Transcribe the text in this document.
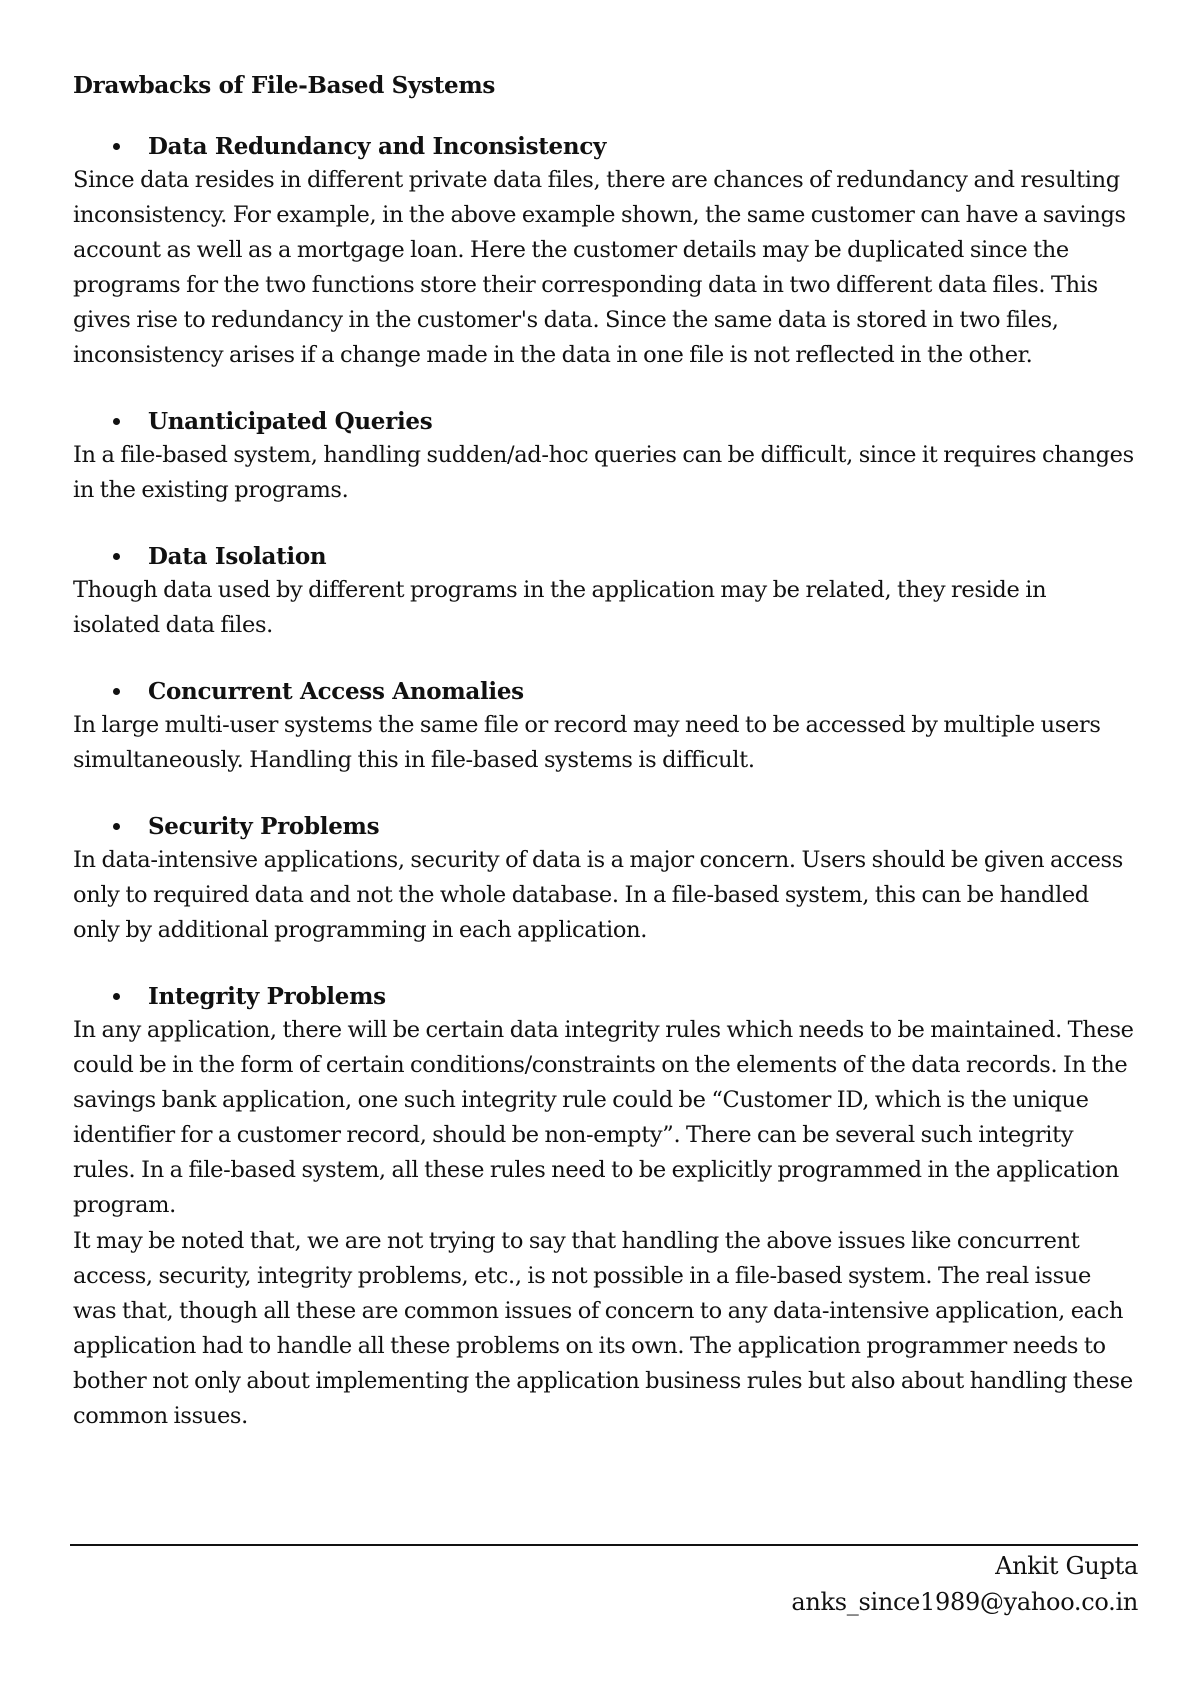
Drawbacks of File-Based Systems
Data Redundancy and Inconsistency

Since data resides in different private data files, there are chances of redundancy and resulting inconsistency. For example, in the above example shown, the same customer can have a savings account as well as a mortgage loan. Here the customer details may be duplicated since the programs for the two functions store their corresponding data in two different data files. This gives rise to redundancy in the customer's data. Since the same data is stored in two files, inconsistency arises if a change made in the data in one file is not reflected in the other.

Unanticipated Queries

In a file-based system, handling sudden/ad-hoc queries can be difficult, since it requires changes in the existing programs.

Data Isolation

Though data used by different programs in the application may be related, they reside in isolated data files.

Concurrent Access Anomalies

In large multi-user systems the same file or record may need to be accessed by multiple users simultaneously. Handling this in file-based systems is difficult.

Security Problems

In data-intensive applications, security of data is a major concern. Users should be given access only to required data and not the whole database. In a file-based system, this can be handled only by additional programming in each application.

Integrity Problems

In any application, there will be certain data integrity rules which needs to be maintained. These could be in the form of certain conditions/constraints on the elements of the data records. In the savings bank application, one such integrity rule could be “Customer ID, which is the unique identifier for a customer record, should be non-empty”. There can be several such integrity rules. In a file-based system, all these rules need to be explicitly programmed in the application program.

It may be noted that, we are not trying to say that handling the above issues like concurrent access, security, integrity problems, etc., is not possible in a file-based system. The real issue was that, though all these are common issues of concern to any data-intensive application, each application had to handle all these problems on its own. The application programmer needs to bother not only about implementing the application business rules but also about handling these common issues.

Ankit Gupta
anks_since1989@yahoo.co.in
